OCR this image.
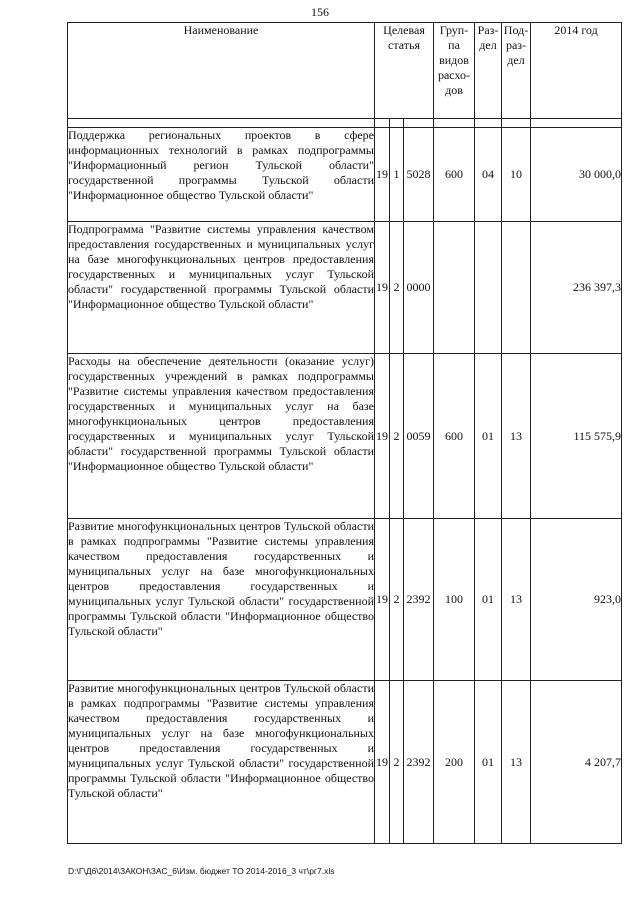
156
Наименование	Целевая статья			Груп-па видов расхо-дов	Раз-дел	Под-раз-дел	2014 год

Поддержка региональных проектов в сфере информационных технологий в рамках подпрограммы "Информационный регион Тульской области" государственной программы Тульской области "Информационное общество Тульской области"	19	1	5028	600	04	10	30 000,0
Подпрограмма "Развитие системы управления качеством предоставления государственных и муниципальных услуг на базе многофункциональных центров предоставления государственных и муниципальных услуг Тульской области" государственной программы Тульской области "Информационное общество Тульской области"	19	2	0000				236 397,3
Расходы на обеспечение деятельности (оказание услуг) государственных учреждений в рамках подпрограммы "Развитие системы управления качеством предоставления государственных и муниципальных услуг на базе многофункциональных центров предоставления государственных и муниципальных услуг Тульской области" государственной программы Тульской области "Информационное общество Тульской области"	19	2	0059	600	01	13	115 575,9
Развитие многофункциональных центров Тульской области в рамках подпрограммы "Развитие системы управления качеством предоставления государственных и муниципальных услуг на базе многофункциональных центров предоставления государственных и муниципальных услуг Тульской области" государственной программы Тульской области "Информационное общество Тульской области"	19	2	2392	100	01	13	923,0
Развитие многофункциональных центров Тульской области в рамках подпрограммы "Развитие системы управления качеством предоставления государственных и муниципальных услуг на базе многофункциональных центров предоставления государственных и муниципальных услуг Тульской области" государственной программы Тульской области "Информационное общество Тульской области"	19	2	2392	200	01	13	4 207,7
D:\Г\Д6\2014\ЗАКОН\ЗАС_6\Изм. бюджет ТО 2014-2016_3 чт\рг7.xls
